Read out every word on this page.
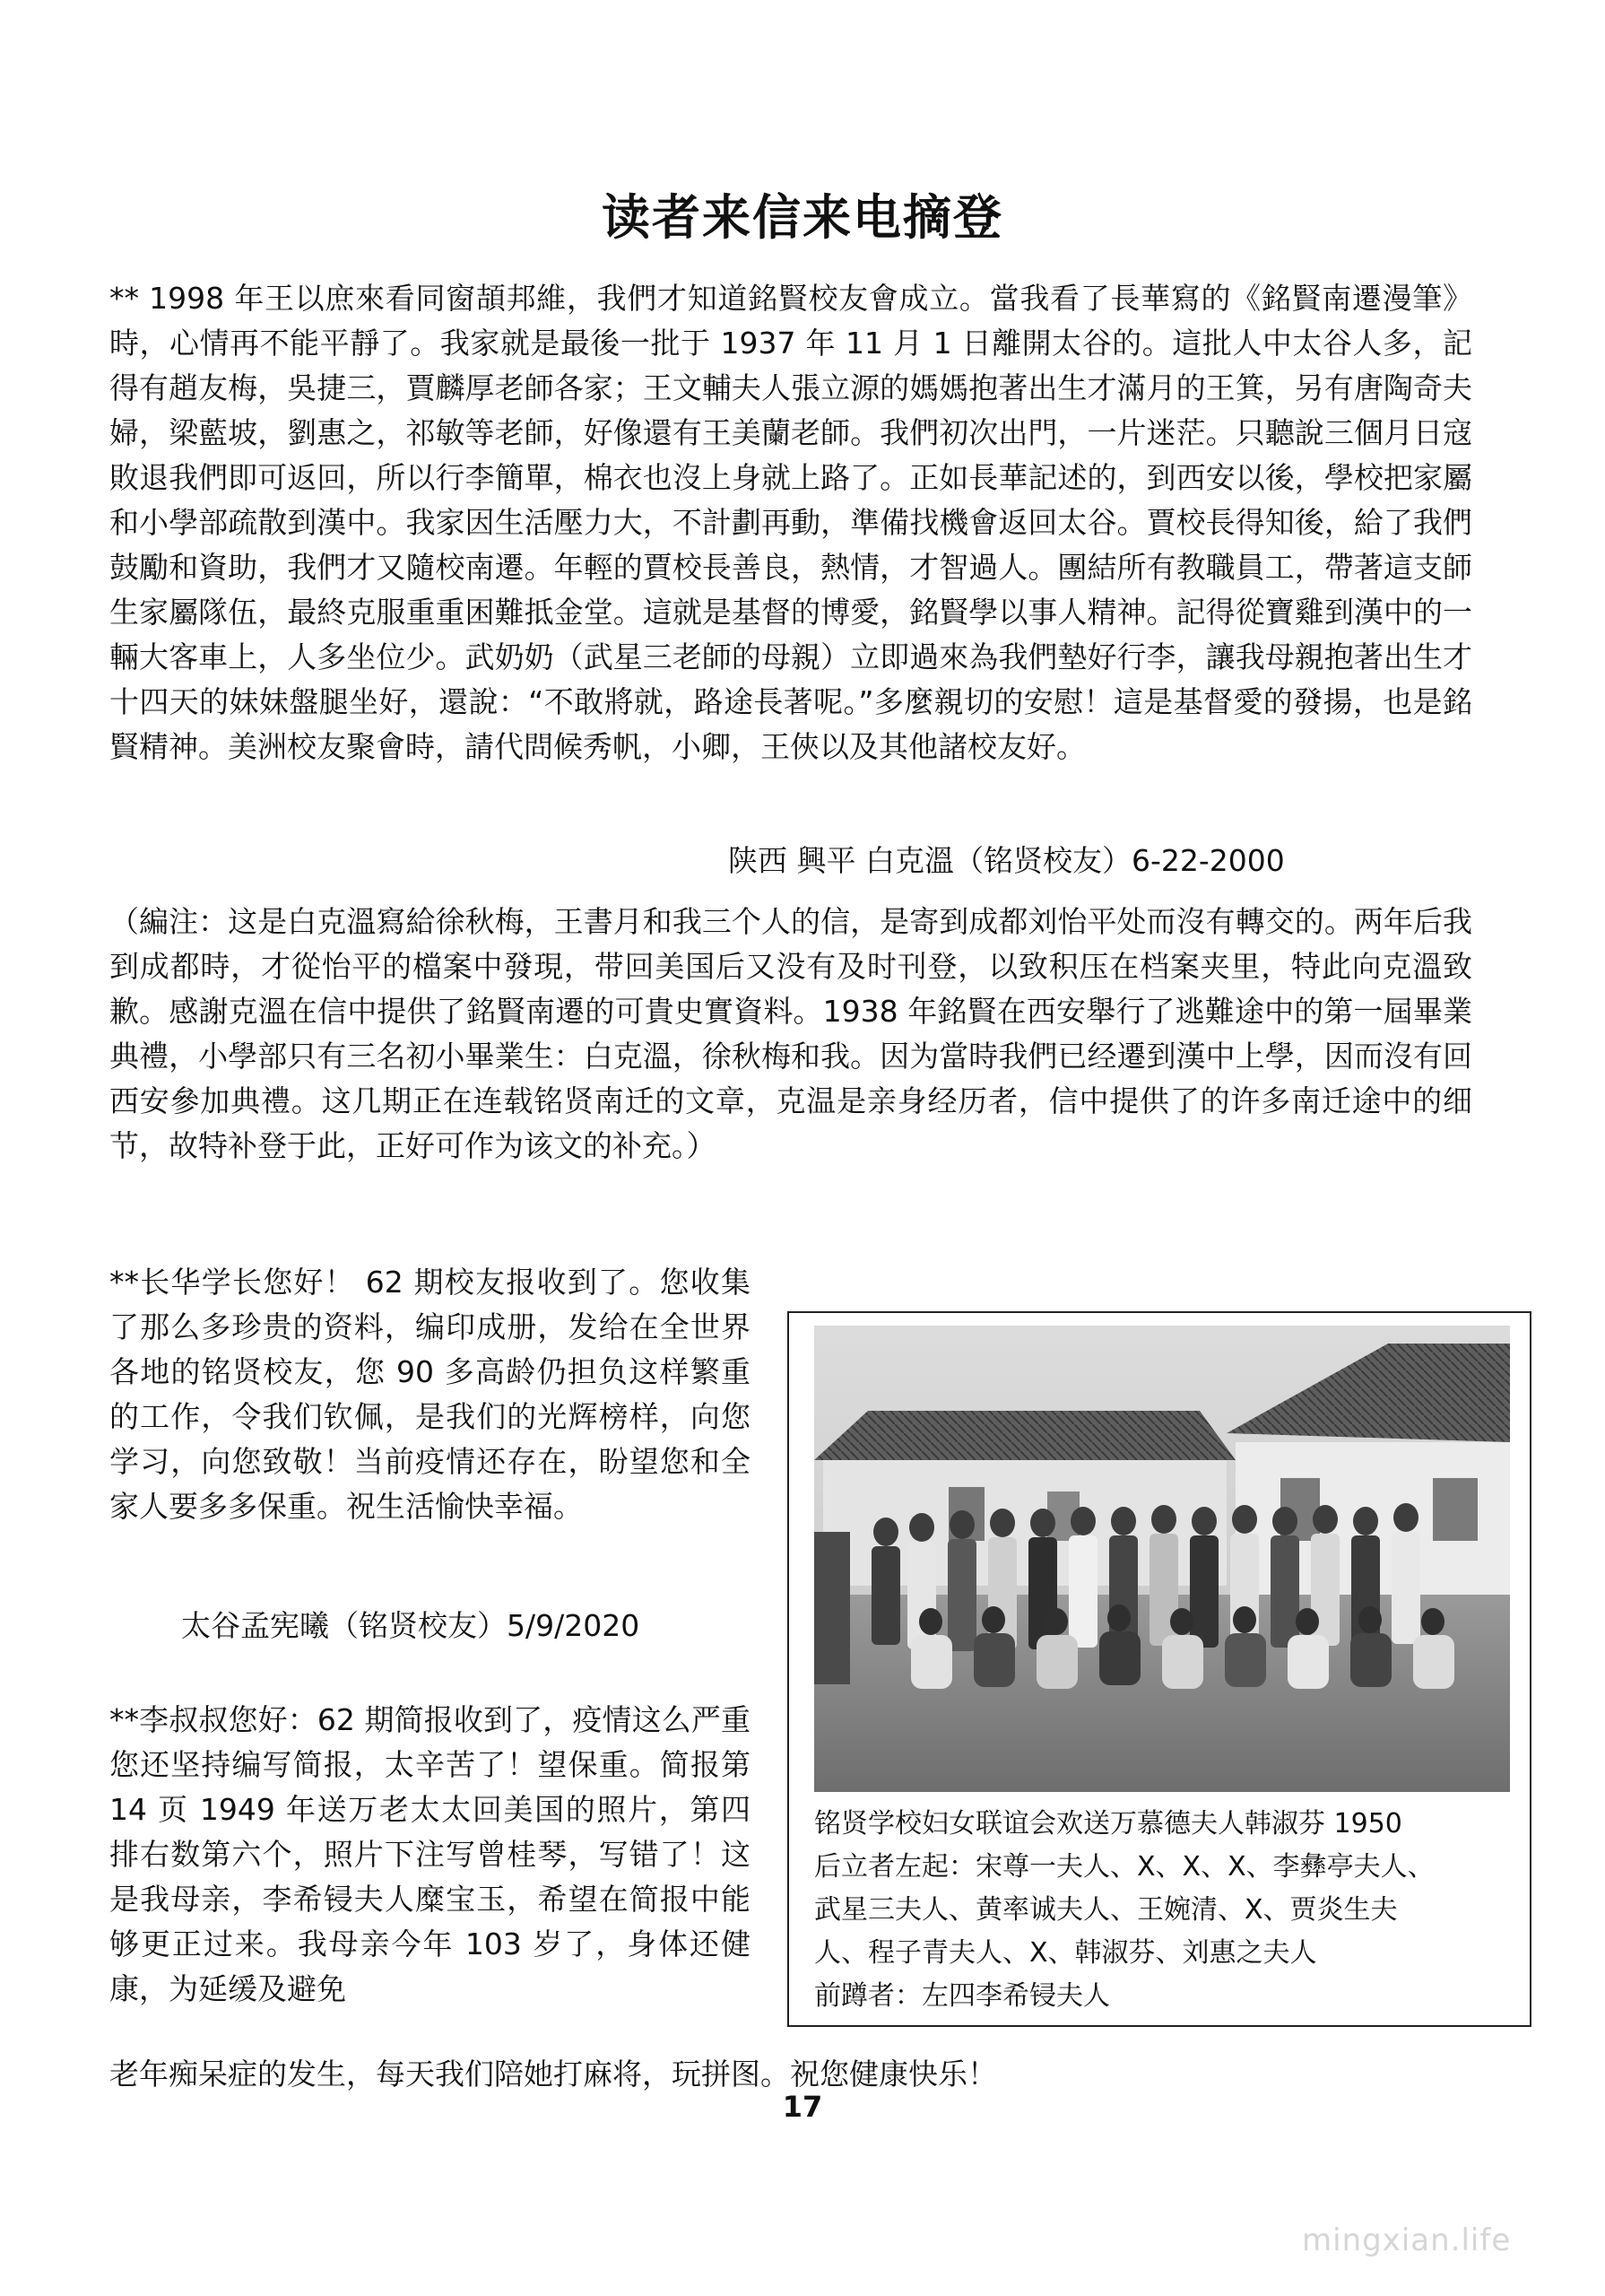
读者来信来电摘登

** 1998 年王以庶來看同窗頡邦維，我們才知道銘賢校友會成立。當我看了長華寫的《銘賢南遷漫筆》時，心情再不能平靜了。我家就是最後一批于 1937 年 11 月 1 日離開太谷的。這批人中太谷人多，記得有趙友梅，吳捷三，賈麟厚老師各家；王文輔夫人張立源的媽媽抱著出生才滿月的王箕，另有唐陶奇夫婦，梁藍坡，劉惠之，祁敏等老師，好像還有王美蘭老師。我們初次出門，一片迷茫。只聽說三個月日寇敗退我們即可返回，所以行李簡單，棉衣也沒上身就上路了。正如長華記述的，到西安以後，學校把家屬和小學部疏散到漢中。我家因生活壓力大，不計劃再動，準備找機會返回太谷。賈校長得知後，給了我們鼓勵和資助，我們才又隨校南遷。年輕的賈校長善良，熱情，才智過人。團結所有教職員工，帶著這支師生家屬隊伍，最終克服重重困難抵金堂。這就是基督的博愛，銘賢學以事人精神。記得從寶雞到漢中的一輛大客車上，人多坐位少。武奶奶（武星三老師的母親）立即過來為我們墊好行李，讓我母親抱著出生才十四天的妹妹盤腿坐好，還說：“不敢將就，路途長著呢。”多麼親切的安慰！這是基督愛的發揚，也是銘賢精神。美洲校友聚會時，請代問候秀帆，小卿，王俠以及其他諸校友好。

陕西 興平 白克溫（铭贤校友）6-22-2000

（編注：这是白克溫寫給徐秋梅，王書月和我三个人的信，是寄到成都刘怡平处而沒有轉交的。两年后我到成都時，才從怡平的檔案中發現，带回美国后又没有及时刊登，以致积压在档案夹里，特此向克溫致歉。感謝克溫在信中提供了銘賢南遷的可貴史實資料。1938 年銘賢在西安舉行了逃難途中的第一屆畢業典禮，小學部只有三名初小畢業生：白克溫，徐秋梅和我。因为當時我們已经遷到漢中上學，因而沒有回西安參加典禮。这几期正在连载铭贤南迁的文章，克温是亲身经历者，信中提供了的许多南迁途中的细节，故特补登于此，正好可作为该文的补充。）

**长华学长您好！ 62 期校友报收到了。您收集了那么多珍贵的资料，编印成册，发给在全世界各地的铭贤校友，您 90 多高龄仍担负这样繁重的工作，令我们钦佩，是我们的光辉榜样，向您学习，向您致敬！当前疫情还存在，盼望您和全家人要多多保重。祝生活愉快幸福。

太谷孟宪曦（铭贤校友）5/9/2020

**李叔叔您好：62 期简报收到了，疫情这么严重您还坚持编写简报，太辛苦了！望保重。简报第 14 页 1949 年送万老太太回美国的照片，第四排右数第六个，照片下注写曾桂琴，写错了！这是我母亲，李希锓夫人糜宝玉，希望在简报中能够更正过来。我母亲今年 103 岁了，身体还健康，为延缓及避免

老年痴呆症的发生，每天我们陪她打麻将，玩拼图。祝您健康快乐！

铭贤学校妇女联谊会欢送万慕德夫人韩淑芬 1950
后立者左起：宋尊一夫人、X、X、X、李彝亭夫人、
武星三夫人、黄率诚夫人、王婉清、X、贾炎生夫
人、程子青夫人、X、韩淑芬、刘惠之夫人
前蹲者：左四李希锓夫人
17
mingxian.life
